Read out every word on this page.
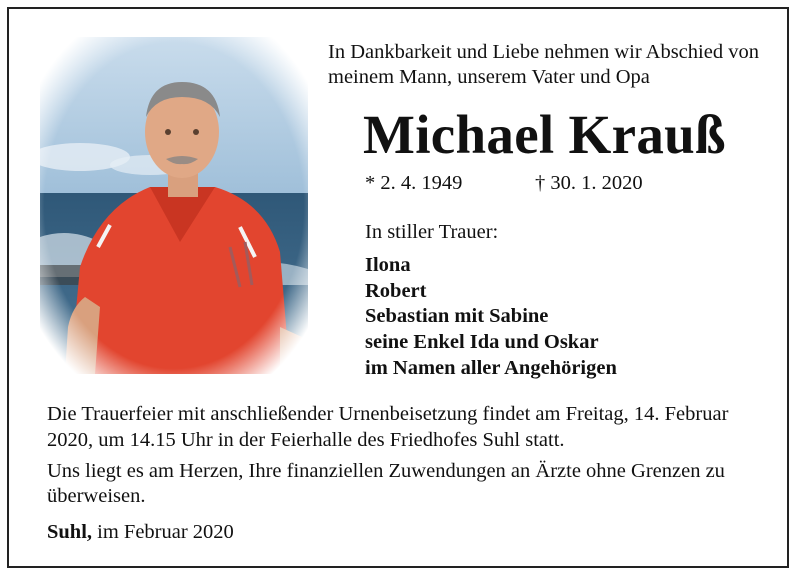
In Dankbarkeit und Liebe nehmen wir Abschied von meinem Mann, unserem Vater und Opa
Michael Krauß
* 2. 4. 1949	† 30. 1. 2020
In stiller Trauer:
Ilona
Robert
Sebastian mit Sabine
seine Enkel Ida und Oskar
im Namen aller Angehörigen
Die Trauerfeier mit anschließender Urnenbeisetzung findet am Freitag, 14. Februar 2020, um 14.15 Uhr in der Feierhalle des Friedhofes Suhl statt.
Uns liegt es am Herzen, Ihre finanziellen Zuwendungen an Ärzte ohne Grenzen zu überweisen.
Suhl, im Februar 2020
